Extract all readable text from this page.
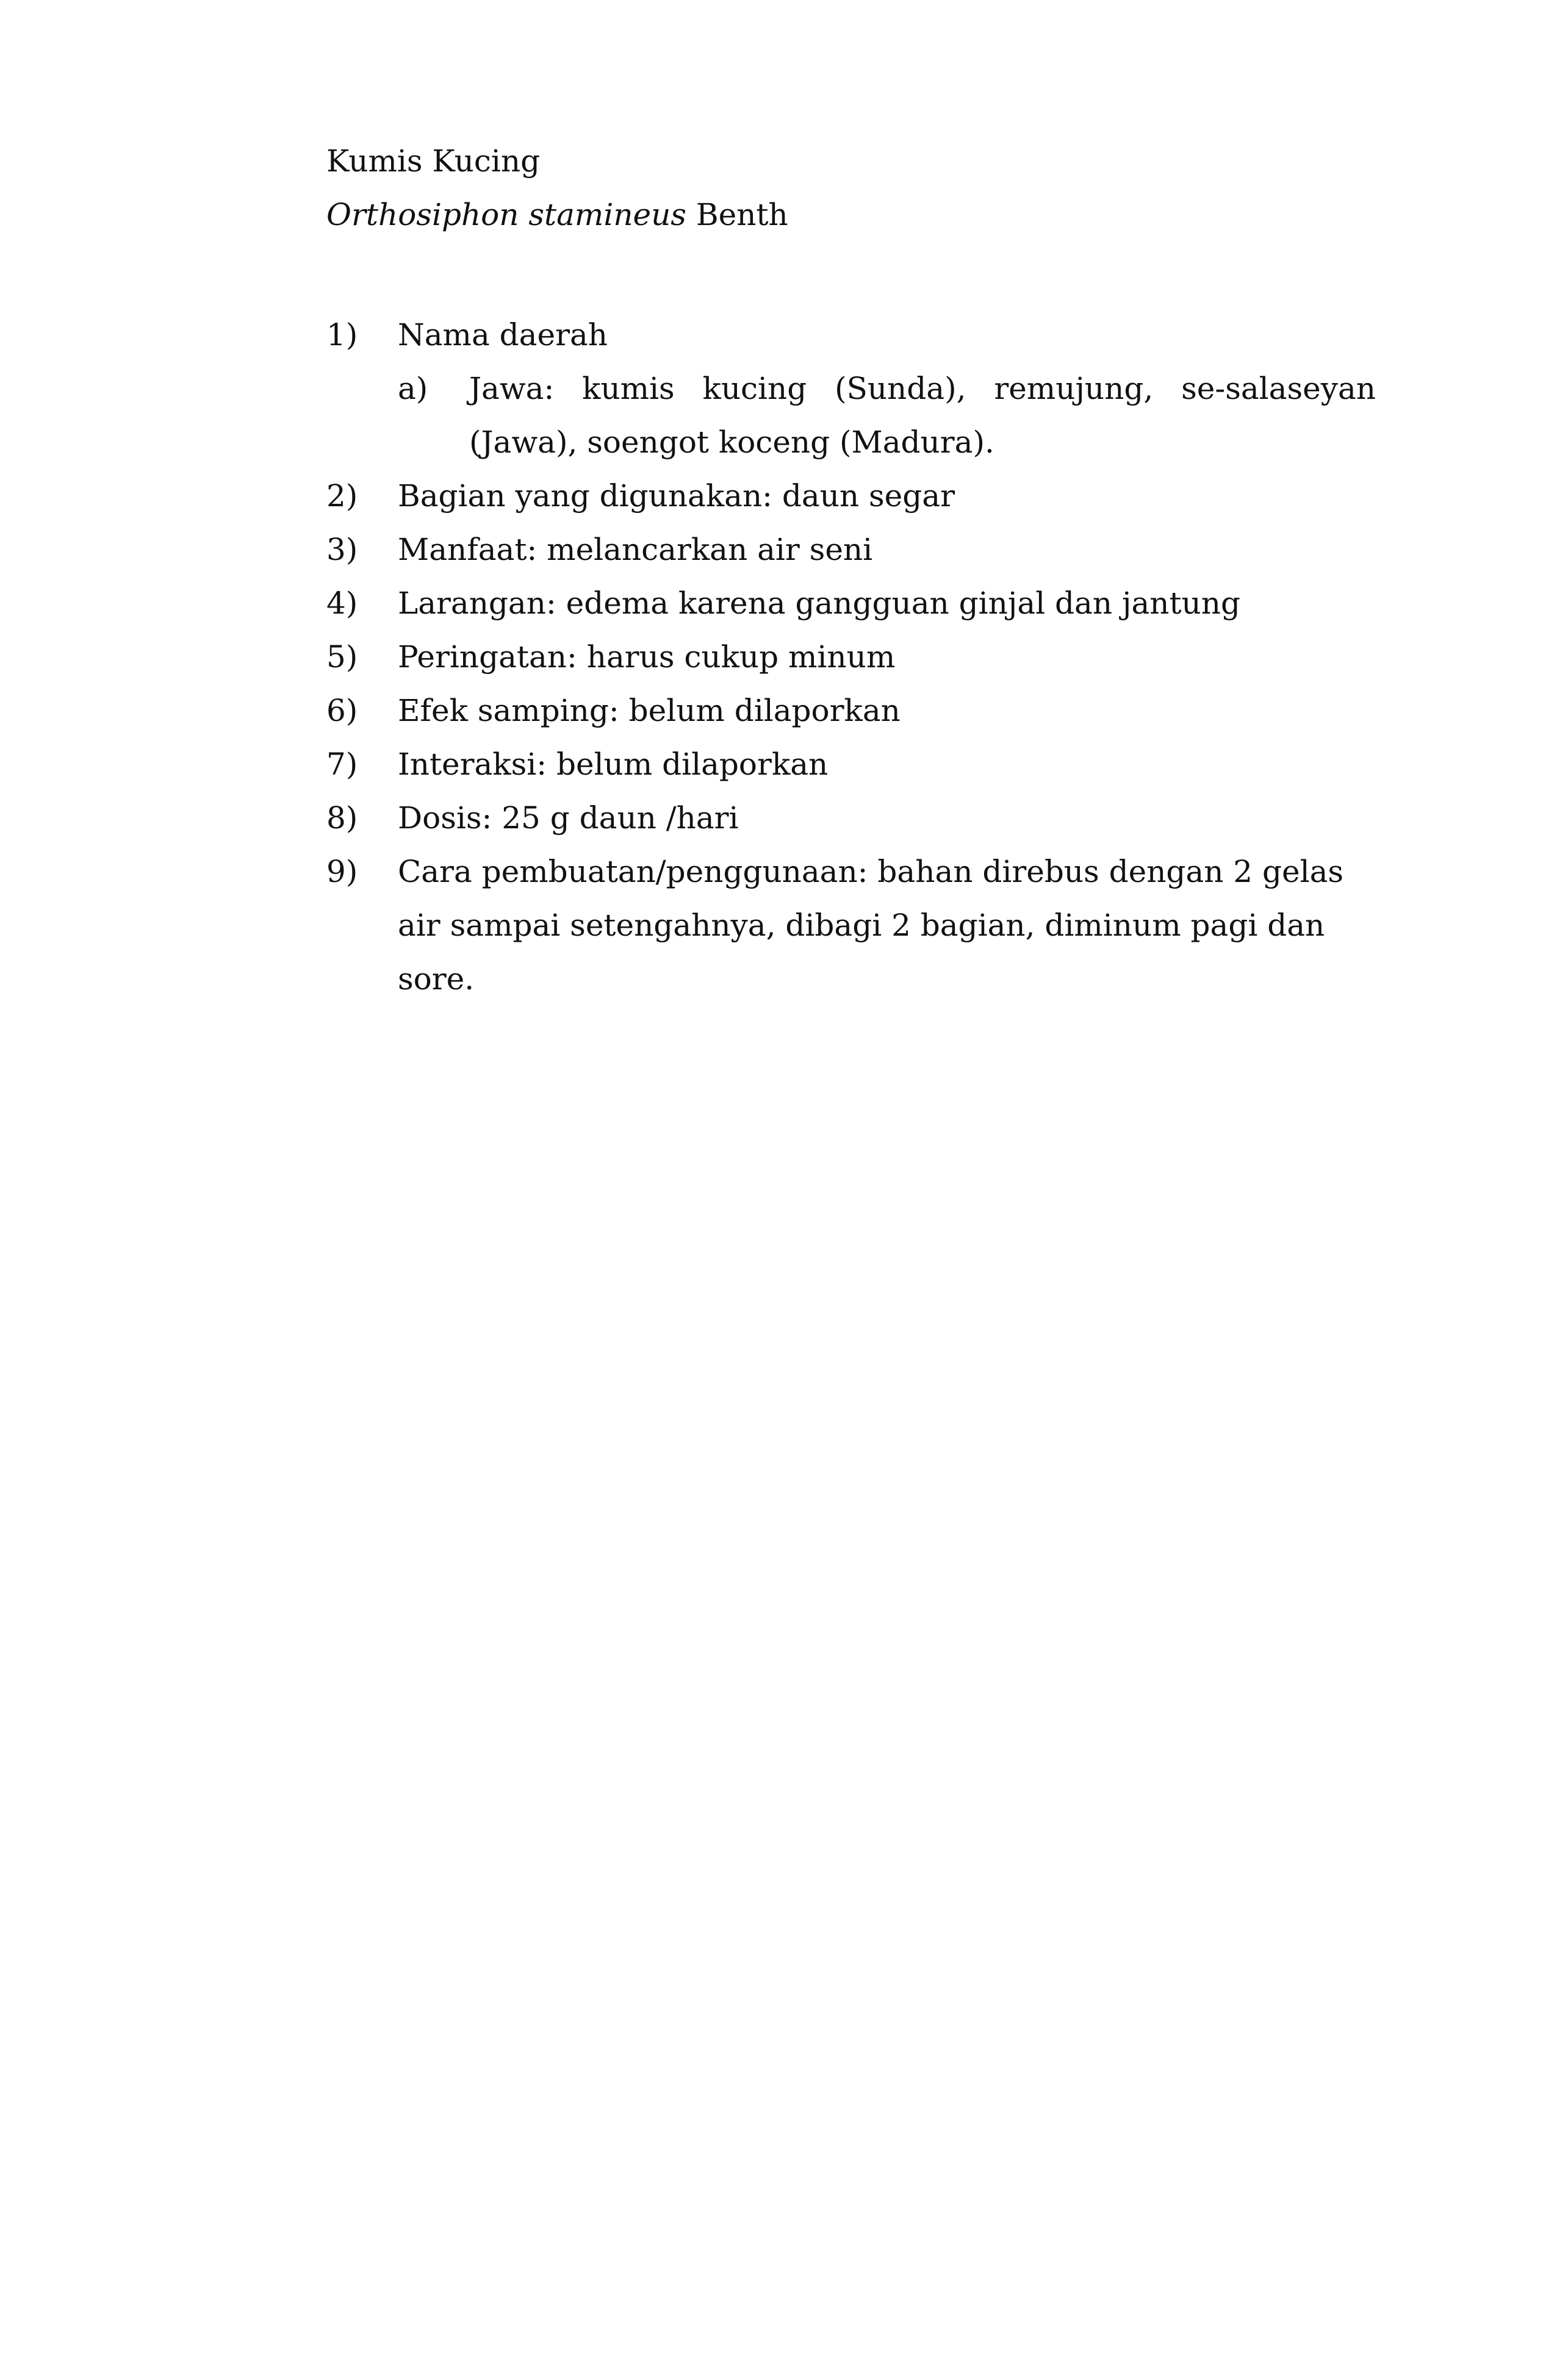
Kumis Kucing
Orthosiphon stamineus Benth
1) Nama daerah
a) Jawa: kumis kucing (Sunda), remujung, se-salaseyan (Jawa), soengot koceng (Madura).
2) Bagian yang digunakan: daun segar
3) Manfaat: melancarkan air seni
4) Larangan: edema karena gangguan ginjal dan jantung
5) Peringatan: harus cukup minum
6) Efek samping: belum dilaporkan
7) Interaksi: belum dilaporkan
8) Dosis: 25 g daun /hari
9) Cara pembuatan/penggunaan: bahan direbus dengan 2 gelas air sampai setengahnya, dibagi 2 bagian, diminum pagi dan sore.
